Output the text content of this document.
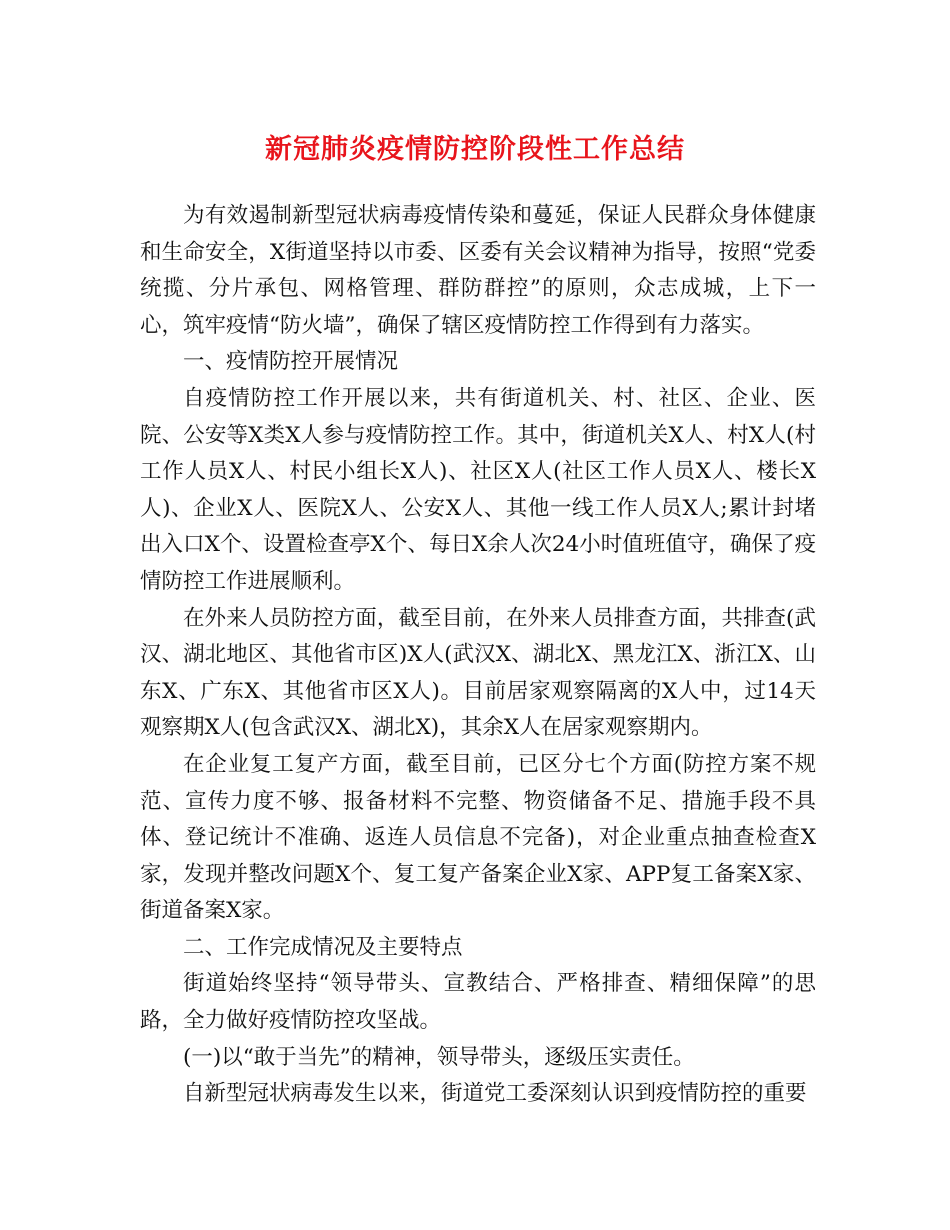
新冠肺炎疫情防控阶段性工作总结

为有效遏制新型冠状病毒疫情传染和蔓延，保证人民群众身体健康和生命安全，X街道坚持以市委、区委有关会议精神为指导，按照“党委统揽、分片承包、网格管理、群防群控”的原则，众志成城，上下一心，筑牢疫情“防火墙”，确保了辖区疫情防控工作得到有力落实。

一、疫情防控开展情况

自疫情防控工作开展以来，共有街道机关、村、社区、企业、医院、公安等X类X人参与疫情防控工作。其中，街道机关X人、村X人(村工作人员X人、村民小组长X人)、社区X人(社区工作人员X人、楼长X人)、企业X人、医院X人、公安X人、其他一线工作人员X人;累计封堵出入口X个、设置检查亭X个、每日X余人次24小时值班值守，确保了疫情防控工作进展顺利。

在外来人员防控方面，截至目前，在外来人员排查方面，共排查(武汉、湖北地区、其他省市区)X人(武汉X、湖北X、黑龙江X、浙江X、山东X、广东X、其他省市区X人)。目前居家观察隔离的X人中，过14天观察期X人(包含武汉X、湖北X)，其余X人在居家观察期内。

在企业复工复产方面，截至目前，已区分七个方面(防控方案不规范、宣传力度不够、报备材料不完整、物资储备不足、措施手段不具体、登记统计不准确、返连人员信息不完备)，对企业重点抽查检查X家，发现并整改问题X个、复工复产备案企业X家、APP复工备案X家、街道备案X家。

二、工作完成情况及主要特点

街道始终坚持“领导带头、宣教结合、严格排查、精细保障”的思路，全力做好疫情防控攻坚战。

(一)以“敢于当先”的精神，领导带头，逐级压实责任。

自新型冠状病毒发生以来，街道党工委深刻认识到疫情防控的重要
